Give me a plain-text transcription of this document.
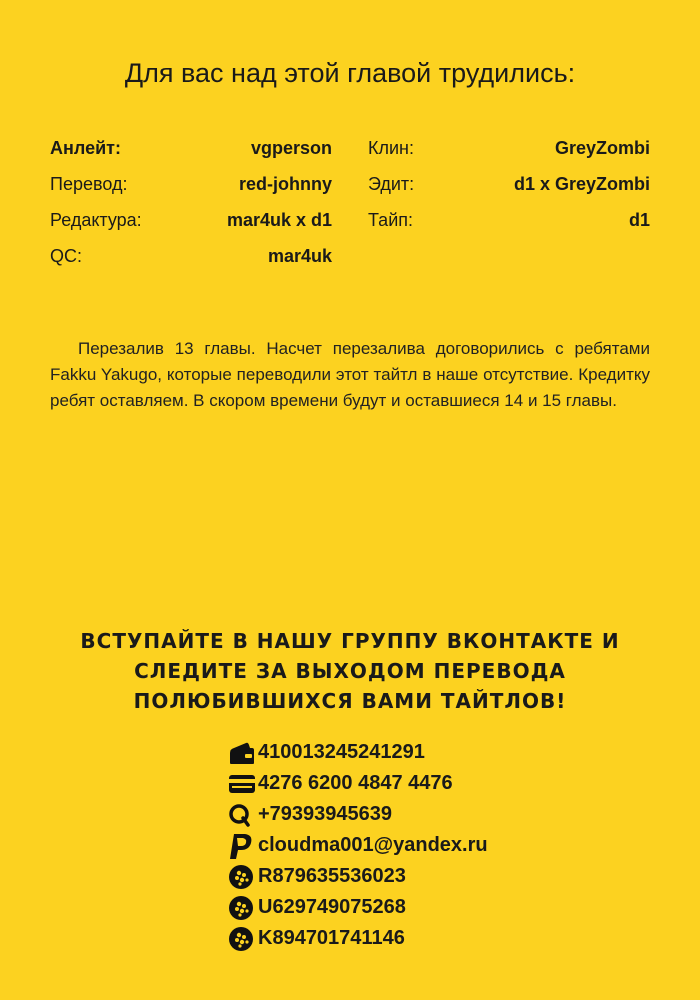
Для вас над этой главой трудились:
Анлейт:	vgperson Клин:	GreyZombi
Перевод:	red-johnny Эдит:	d1 x GreyZombi
Редактура:	mar4uk x d1 Тайп:	d1
QC:	mar4uk

Перезалив 13 главы. Насчет перезалива договорились с ребятами Fakku Yakugo, которые переводили этот тайтл в наше отсутствие. Кредитку ребят оставляем. В скором времени будут и оставшиеся 14 и 15 главы.

ВСТУПАЙТЕ В НАШУ ГРУППУ ВКОНТАКТЕ И
СЛЕДИТЕ ЗА ВЫХОДОМ ПЕРЕВОДА
ПОЛЮБИВШИХСЯ ВАМИ ТАЙТЛОВ!
410013245241291
4276 6200 4847 4476
+79393945639
cloudma001@yandex.ru
R879635536023
U629749075268
K894701741146
